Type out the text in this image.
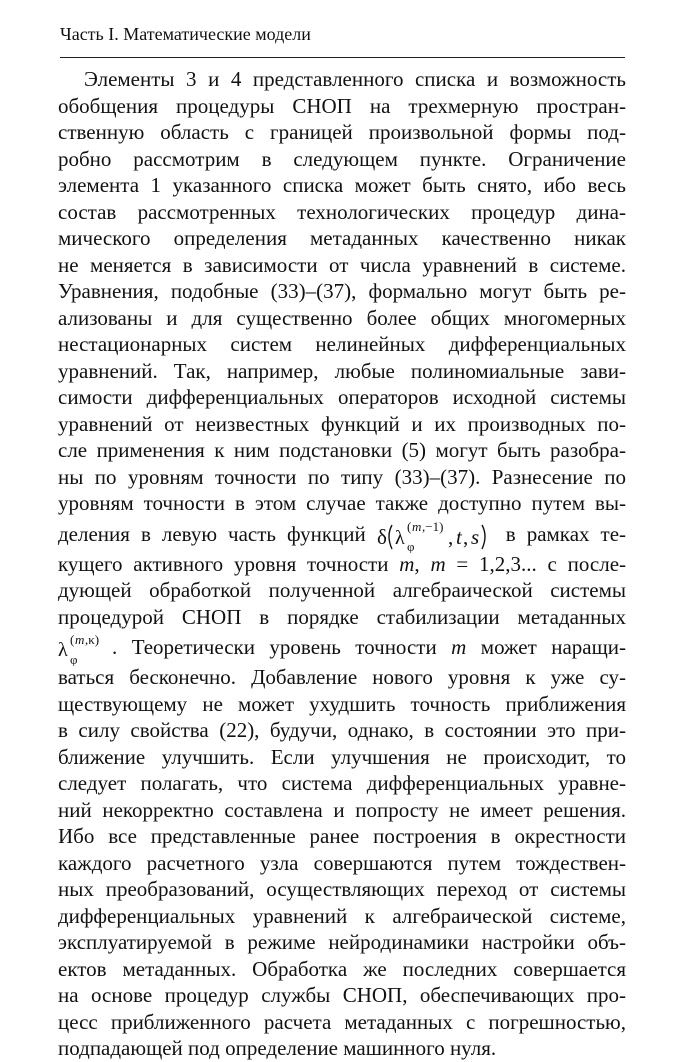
Часть I. Математические модели
Элементы 3 и 4 представленного списка и возможность
обобщения процедуры СНОП на трехмерную простран-
ственную область с границей произвольной формы под-
робно рассмотрим в следующем пункте. Ограничение
элемента 1 указанного списка может быть снято, ибо весь
состав рассмотренных технологических процедур дина-
мического определения метаданных качественно никак
не меняется в зависимости от числа уравнений в системе.
Уравнения, подобные (33)–(37), формально могут быть ре-
ализованы и для существенно более общих многомерных
нестационарных систем нелинейных дифференциальных
уравнений. Так, например, любые полиномиальные зави-
симости дифференциальных операторов исходной системы
уравнений от неизвестных функций и их производных по-
сле применения к ним подстановки (5) могут быть разобра-
ны по уровням точности по типу (33)–(37). Разнесение по
уровням точности в этом случае также доступно путем вы-
деления в левую часть функций δ λ
( m ,−1)
φ , t , s в рамках те-
кущего активного уровня точности m, m = 1,2,3... с после-
дующей обработкой полученной алгебраической системы
процедурой СНОП в порядке стабилизации метаданных
λ ( m ,κ)
φ
. Теоретически уровень точности m может наращи-
ваться бесконечно. Добавление нового уровня к уже су-
ществующему не может ухудшить точность приближения
в силу свойства (22), будучи, однако, в состоянии это при-
ближение улучшить. Если улучшения не происходит, то
следует полагать, что система дифференциальных уравне-
ний некорректно составлена и попросту не имеет решения.
Ибо все представленные ранее построения в окрестности
каждого расчетного узла совершаются путем тождествен-
ных преобразований, осуществляющих переход от системы
дифференциальных уравнений к алгебраической системе,
эксплуатируемой в режиме нейродинамики настройки объ-
ектов метаданных. Обработка же последних совершается
на основе процедур службы СНОП, обеспечивающих про-
цесс приближенного расчета метаданных с погрешностью,
подпадающей под определение машинного нуля.
